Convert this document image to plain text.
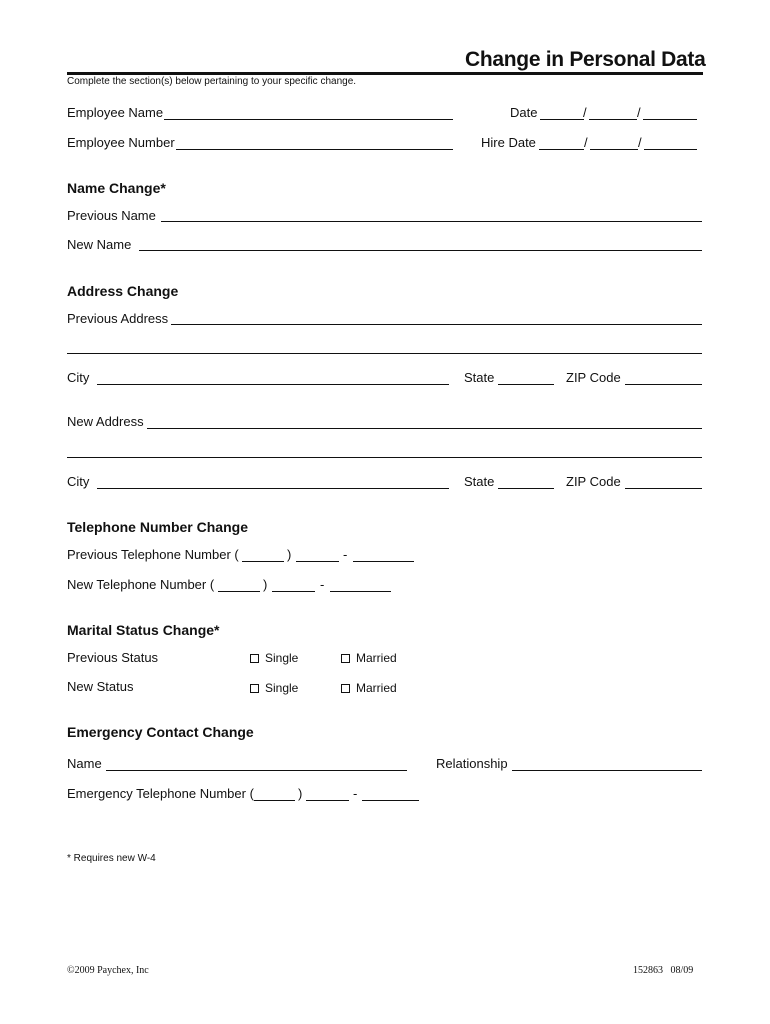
Change in Personal Data
Complete the section(s) below pertaining to your specific change.
Employee Name	Date	/	/
Employee Number	Hire Date	/	/
Name Change*
Previous Name
New Name
Address Change
Previous Address
City	State	ZIP Code
New Address
City	State	ZIP Code
Telephone Number Change
Previous Telephone Number (	)	-
New Telephone Number (	)	-
Marital Status Change*
Previous Status	Single	Married
New Status	Single	Married
Emergency Contact Change
Name	Relationship
Emergency Telephone Number (	)	-
* Requires new W-4
©2009 Paychex, Inc	152863   08/09
